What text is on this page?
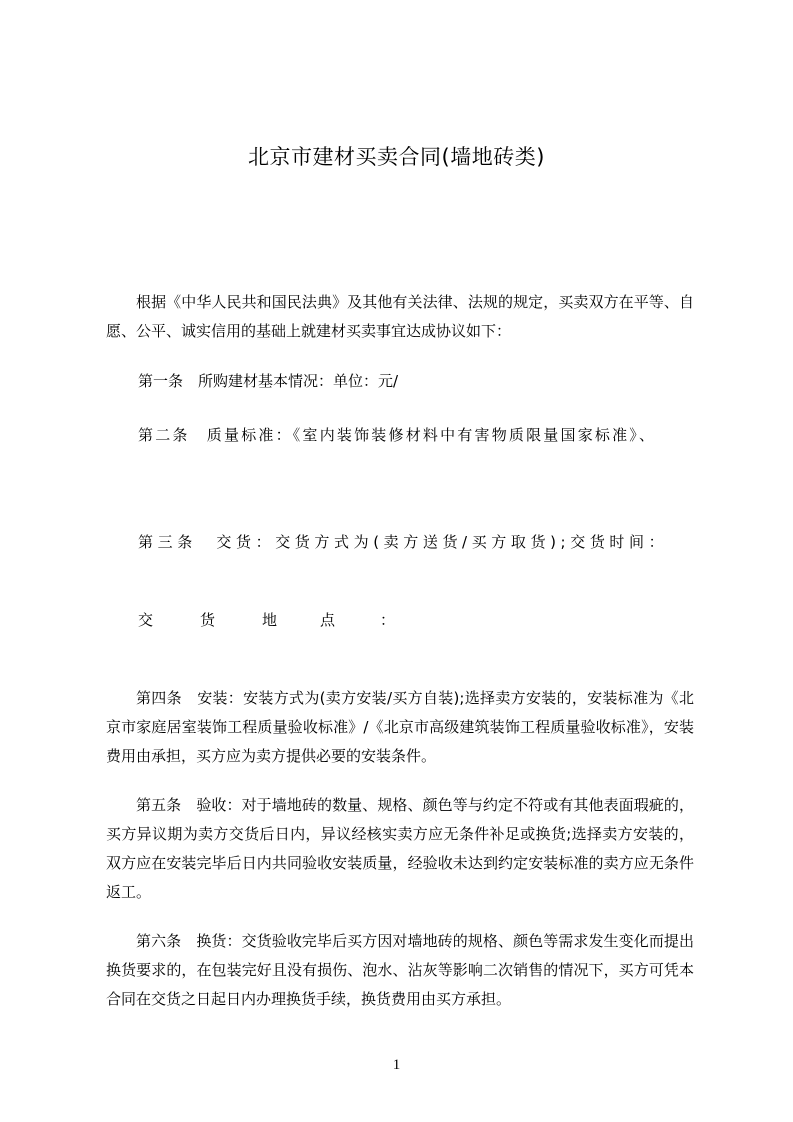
北京市建材买卖合同(墙地砖类)

根据《中华人民共和国民法典》及其他有关法律、法规的规定，买卖双方在平等、自愿、公平、诚实信用的基础上就建材买卖事宜达成协议如下：

第一条　所购建材基本情况：单位：元/

第二条　质量标准：《室内装饰装修材料中有害物质限量国家标准》、

第三条　交货：交货方式为(卖方送货/买方取货);交货时间：

交	货	地	点	：

第四条　安装：安装方式为(卖方安装/买方自装);选择卖方安装的，安装标准为《北京市家庭居室装饰工程质量验收标准》/《北京市高级建筑装饰工程质量验收标准》，安装费用由承担，买方应为卖方提供必要的安装条件。

第五条　验收：对于墙地砖的数量、规格、颜色等与约定不符或有其他表面瑕疵的，买方异议期为卖方交货后日内，异议经核实卖方应无条件补足或换货;选择卖方安装的，双方应在安装完毕后日内共同验收安装质量，经验收未达到约定安装标准的卖方应无条件返工。

第六条　换货：交货验收完毕后买方因对墙地砖的规格、颜色等需求发生变化而提出换货要求的，在包装完好且没有损伤、泡水、沾灰等影响二次销售的情况下，买方可凭本合同在交货之日起日内办理换货手续，换货费用由买方承担。

1
